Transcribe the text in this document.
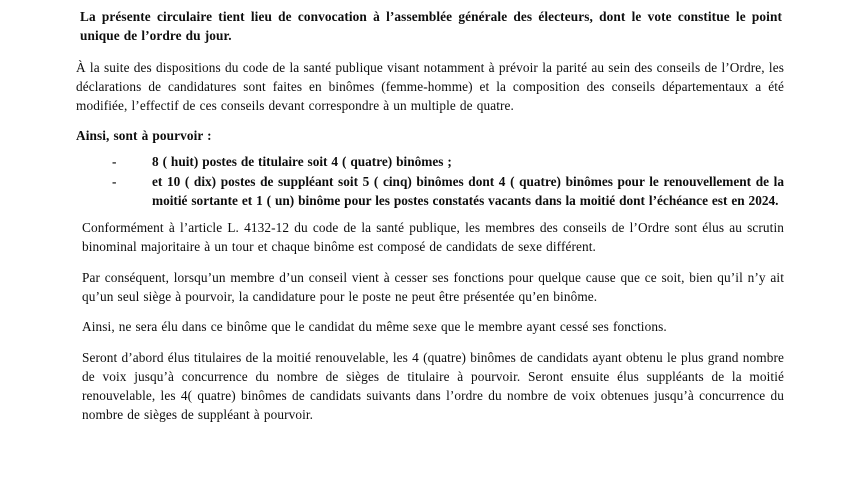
La présente circulaire tient lieu de convocation à l’assemblée générale des électeurs, dont le vote constitue le point unique de l’ordre du jour.

À la suite des dispositions du code de la santé publique visant notamment à prévoir la parité au sein des conseils de l’Ordre, les déclarations de candidatures sont faites en binômes (femme-homme) et la composition des conseils départementaux a été modifiée, l’effectif de ces conseils devant correspondre à un multiple de quatre.

Ainsi, sont à pourvoir :

-	8 ( huit) postes de titulaire soit 4 ( quatre) binômes ;
-	et 10 ( dix) postes de suppléant soit 5 ( cinq) binômes dont 4 ( quatre) binômes pour le renouvellement de la moitié sortante et 1 ( un) binôme pour les postes constatés vacants dans la moitié dont l’échéance est en 2024.

Conformément à l’article L. 4132-12 du code de la santé publique, les membres des conseils de l’Ordre sont élus au scrutin binominal majoritaire à un tour et chaque binôme est composé de candidats de sexe différent.

Par conséquent, lorsqu’un membre d’un conseil vient à cesser ses fonctions pour quelque cause que ce soit, bien qu’il n’y ait qu’un seul siège à pourvoir, la candidature pour le poste ne peut être présentée qu’en binôme.

Ainsi, ne sera élu dans ce binôme que le candidat du même sexe que le membre ayant cessé ses fonctions.

Seront d’abord élus titulaires de la moitié renouvelable, les 4 (quatre) binômes de candidats ayant obtenu le plus grand nombre de voix jusqu’à concurrence du nombre de sièges de titulaire à pourvoir. Seront ensuite élus suppléants de la moitié renouvelable, les 4( quatre) binômes de candidats suivants dans l’ordre du nombre de voix obtenues jusqu’à concurrence du nombre de sièges de suppléant à pourvoir.
